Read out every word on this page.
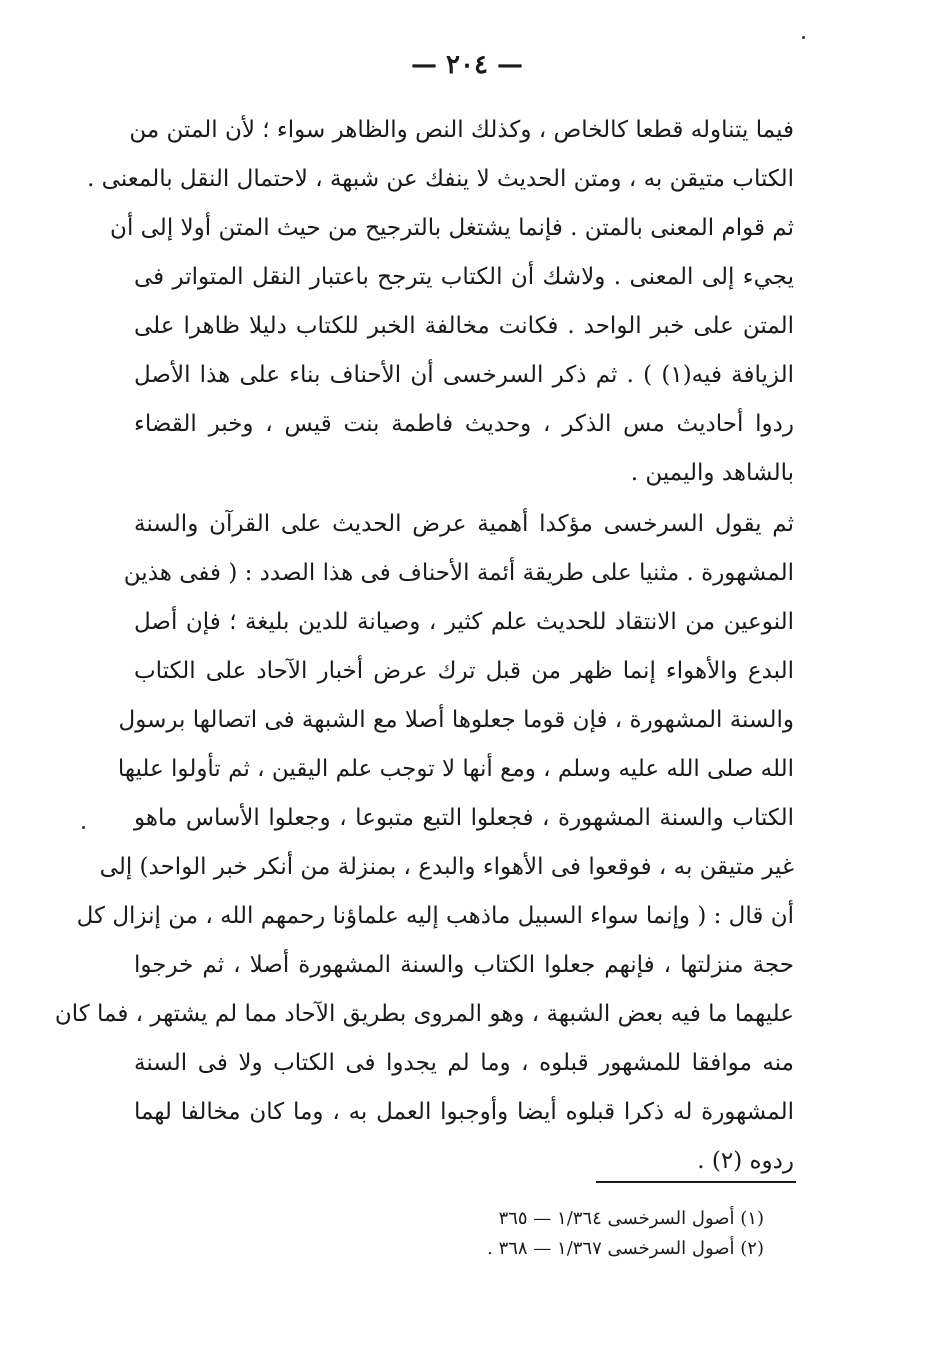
— ٢٠٤ —
فيما يتناوله قطعا كالخاص ، وكذلك النص والظاهر سواء ؛ لأن المتن من
الكتاب متيقن به ، ومتن الحديث لا ينفك عن شبهة ، لاحتمال النقل بالمعنى .
ثم قوام المعنى بالمتن . فإنما يشتغل بالترجيح من حيث المتن أولا إلى أن
يجيء إلى المعنى . ولاشك أن الكتاب يترجح باعتبار النقل المتواتر فى
المتن على خبر الواحد . فكانت مخالفة الخبر للكتاب دليلا ظاهرا على
الزيافة فيه(١) ) . ثم ذكر السرخسى أن الأحناف بناء على هذا الأصل
ردوا أحاديث مس الذكر ، وحديث فاطمة بنت قيس ، وخبر القضاء
بالشاهد واليمين .
ثم يقول السرخسى مؤكدا أهمية عرض الحديث على القرآن والسنة
المشهورة . مثنيا على طريقة أئمة الأحناف فى هذا الصدد : ( ففى هذين
النوعين من الانتقاد للحديث علم كثير ، وصيانة للدين بليغة ؛ فإن أصل
البدع والأهواء إنما ظهر من قبل ترك عرض أخبار الآحاد على الكتاب
والسنة المشهورة ، فإن قوما جعلوها أصلا مع الشبهة فى اتصالها برسول
الله صلى الله عليه وسلم ، ومع أنها لا توجب علم اليقين ، ثم تأولوا عليها
الكتاب والسنة المشهورة ، فجعلوا التبع متبوعا ، وجعلوا الأساس ماهو
غير متيقن به ، فوقعوا فى الأهواء والبدع ، بمنزلة من أنكر خبر الواحد) إلى
أن قال : ( وإنما سواء السبيل ماذهب إليه علماؤنا رحمهم الله ، من إنزال كل
حجة منزلتها ، فإنهم جعلوا الكتاب والسنة المشهورة أصلا ، ثم خرجوا
عليهما ما فيه بعض الشبهة ، وهو المروى بطريق الآحاد مما لم يشتهر ، فما كان
منه موافقا للمشهور قبلوه ، وما لم يجدوا فى الكتاب ولا فى السنة
المشهورة له ذكرا قبلوه أيضا وأوجبوا العمل به ، وما كان مخالفا لهما
ردوه (٢) .
(١) أصول السرخسى ١/٣٦٤ — ٣٦٥
(٢) أصول السرخسى ١/٣٦٧ — ٣٦٨ .
